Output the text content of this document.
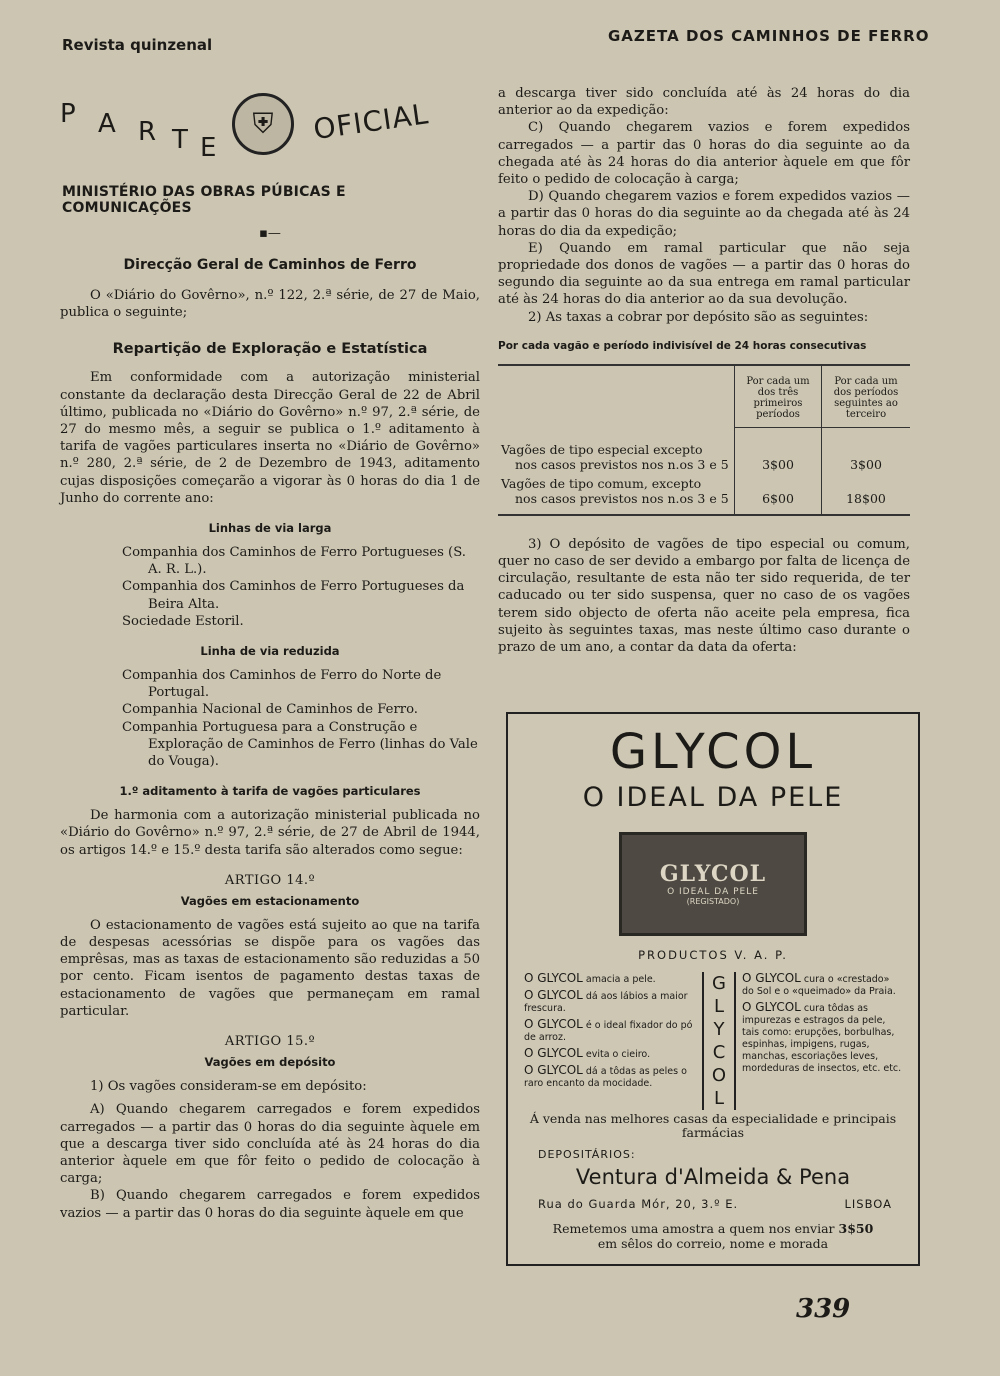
Revista quinzenal	GAZETA DOS CAMINHOS DE FERRO
P A R T E
⛨	OFICIAL
MINISTÉRIO DAS OBRAS PÚBICAS E COMUNICAÇÕES
▪—
Direcção Geral de Caminhos de Ferro

O «Diário do Govêrno», n.º 122, 2.ª série, de 27 de Maio, publica o seguinte;

Repartição de Exploração e Estatística

Em conformidade com a autorização ministerial constante da declaração desta Direcção Geral de 22 de Abril último, publicada no «Diário do Govêrno» n.º 97, 2.ª série, de 27 do mesmo mês, a seguir se publica o 1.º aditamento à tarifa de vagões particulares inserta no «Diário de Govêrno» n.º 280, 2.ª série, de 2 de Dezembro de 1943, aditamento cujas disposições começarão a vigorar às 0 horas do dia 1 de Junho do corrente ano:

Linhas de via larga

Companhia dos Caminhos de Ferro Portugueses (S. A. R. L.).

Companhia dos Caminhos de Ferro Portugueses da Beira Alta.

Sociedade Estoril.

Linha de via reduzida

Companhia dos Caminhos de Ferro do Norte de Portugal.

Companhia Nacional de Caminhos de Ferro.

Companhia Portuguesa para a Construção e Exploração de Caminhos de Ferro (linhas do Vale do Vouga).

1.º aditamento à tarifa de vagões particulares

De harmonia com a autorização ministerial publicada no «Diário do Govêrno» n.º 97, 2.ª série, de 27 de Abril de 1944, os artigos 14.º e 15.º desta tarifa são alterados como segue:

ARTIGO 14.º
Vagões em estacionamento

O estacionamento de vagões está sujeito ao que na tarifa de despesas acessórias se dispõe para os vagões das emprêsas, mas as taxas de estacionamento são reduzidas a 50 por cento. Ficam isentos de pagamento destas taxas de estacionamento de vagões que permaneçam em ramal particular.

ARTIGO 15.º
Vagões em depósito

1) Os vagões consideram-se em depósito:

A) Quando chegarem carregados e forem expedidos carregados — a partir das 0 horas do dia seguinte àquele em que a descarga tiver sido concluída até às 24 horas do dia anterior àquele em que fôr feito o pedido de colocação à carga;

B) Quando chegarem carregados e forem expedidos vazios — a partir das 0 horas do dia seguinte àquele em que

a descarga tiver sido concluída até às 24 horas do dia anterior ao da expedição:

C) Quando chegarem vazios e forem expedidos carregados — a partir das 0 horas do dia seguinte ao da chegada até às 24 horas do dia anterior àquele em que fôr feito o pedido de colocação à carga;

D) Quando chegarem vazios e forem expedidos vazios — a partir das 0 horas do dia seguinte ao da chegada até às 24 horas do dia da expedição;

E) Quando em ramal particular que não seja propriedade dos donos de vagões — a partir das 0 horas do segundo dia seguinte ao da sua entrega em ramal particular até às 24 horas do dia anterior ao da sua devolução.

2) As taxas a cobrar por depósito são as seguintes:

Por cada vagão e período indivisível de 24 horas consecutivas
	Por cada um dos três primeiros períodos	Por cada um dos períodos seguintes ao terceiro

Vagões de tipo especial excepto
nos casos previstos nos n.os 3 e 5	3$00	3$00

Vagões de tipo comum, excepto
nos casos previstos nos n.os 3 e 5	6$00	18$00

3) O depósito de vagões de tipo especial ou comum, quer no caso de ser devido a embargo por falta de licença de circulação, resultante de esta não ter sido requerida, de ter caducado ou ter sido suspensa, quer no caso de os vagões terem sido objecto de oferta não aceite pela empresa, fica sujeito às seguintes taxas, mas neste último caso durante o prazo de um ano, a contar da data da oferta:

GLYCOL
O IDEAL DA PELE
GLYCOL
O IDEAL DA PELE
(REGISTADO)
PRODUCTOS V. A. P.
O GLYCOL amacia a pele.
O GLYCOL dá aos lábios a maior frescura.
O GLYCOL é o ideal fixador do pó de arroz.
O GLYCOL evita o cieiro.
O GLYCOL dá a tôdas as peles o raro encanto da mocidade.
G
L
Y
C
O
L
O GLYCOL cura o «crestado» do Sol e o «queimado» da Praia.
O GLYCOL cura tôdas as impurezas e estragos da pele, tais como: erupções, borbulhas, espinhas, impigens, rugas, manchas, escoriações leves, mordeduras de insectos, etc. etc.
Á venda nas melhores casas da especialidade e principais farmácias
DEPOSITÁRIOS:
Ventura d'Almeida & Pena
Rua do Guarda Mór, 20, 3.º E.	LISBOA
Remetemos uma amostra a quem nos enviar 3$50
em sêlos do correio, nome e morada
339
